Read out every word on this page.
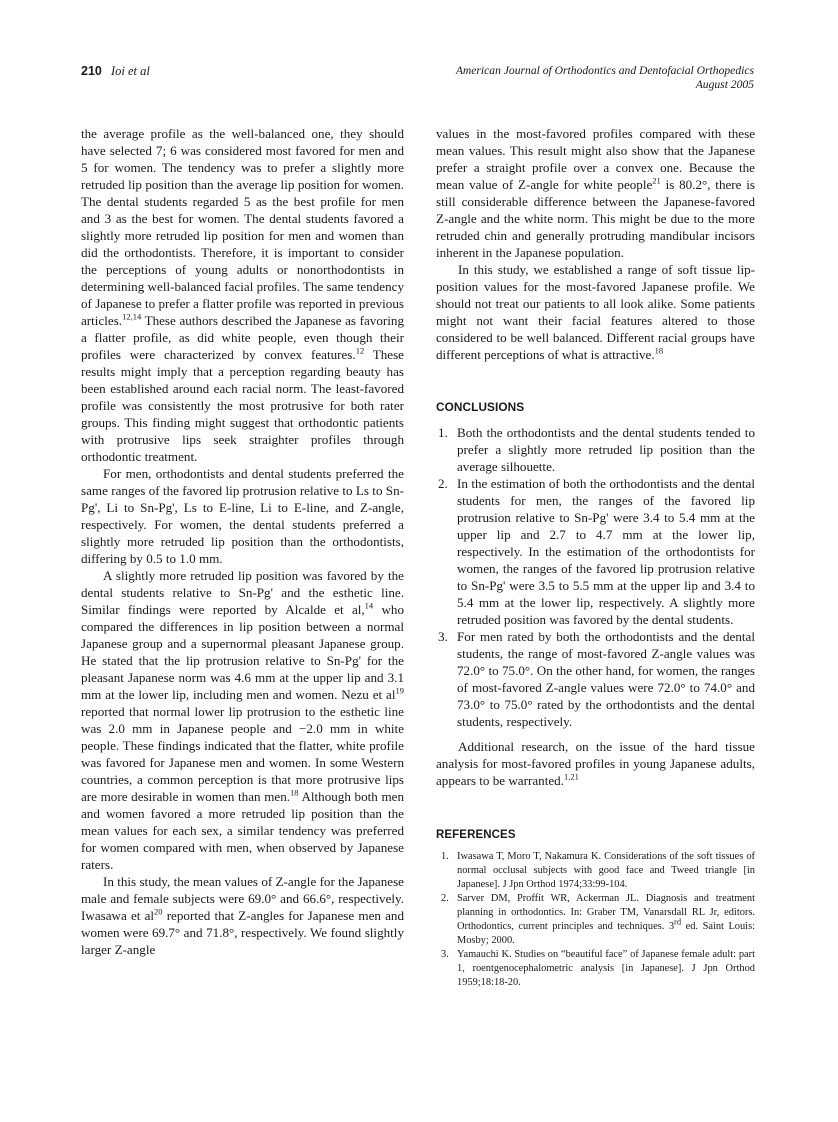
210 Ioi et al	American Journal of Orthodontics and Dentofacial Orthopedics
August 2005

the average profile as the well-balanced one, they should have selected 7; 6 was considered most favored for men and 5 for women. The tendency was to prefer a slightly more retruded lip position than the average lip position for women. The dental students regarded 5 as the best profile for men and 3 as the best for women. The dental students favored a slightly more retruded lip position for men and women than did the orthodontists. Therefore, it is important to consider the perceptions of young adults or nonorthodontists in determining well-balanced facial profiles. The same tendency of Japanese to prefer a flatter profile was reported in previous articles.$^{12,14}$ These authors described the Japanese as favoring a flatter profile, as did white people, even though their profiles were characterized by convex features.$^{12}$ These results might imply that a perception regarding beauty has been established around each racial norm. The least-favored profile was consistently the most protrusive for both rater groups. This finding might suggest that orthodontic patients with protrusive lips seek straighter profiles through orthodontic treatment.

For men, orthodontists and dental students preferred the same ranges of the favored lip protrusion relative to Ls to Sn-Pg', Li to Sn-Pg', Ls to E-line, Li to E-line, and Z-angle, respectively. For women, the dental students preferred a slightly more retruded lip position than the orthodontists, differing by 0.5 to 1.0 mm.

A slightly more retruded lip position was favored by the dental students relative to Sn-Pg' and the esthetic line. Similar findings were reported by Alcalde et al,$^{14}$ who compared the differences in lip position between a normal Japanese group and a supernormal pleasant Japanese group. He stated that the lip protrusion relative to Sn-Pg' for the pleasant Japanese norm was 4.6 mm at the upper lip and 3.1 mm at the lower lip, including men and women. Nezu et $al^{19}$ reported that normal lower lip protrusion to the esthetic line was 2.0 mm in Japanese people and −2.0 mm in white people. These findings indicated that the flatter, white profile was favored for Japanese men and women. In some Western countries, a common perception is that more protrusive lips are more desirable in women than men.$^{18}$ Although both men and women favored a more retruded lip position than the mean values for each sex, a similar tendency was preferred for women compared with men, when observed by Japanese raters.

In this study, the mean values of Z-angle for the Japanese male and female subjects were 69.0° and 66.6°, respectively. Iwasawa et $al^{20}$ reported that Z-angles for Japanese men and women were 69.7° and 71.8°, respectively. We found slightly larger Z-angle

values in the most-favored profiles compared with these mean values. This result might also show that the Japanese prefer a straight profile over a convex one. Because the mean value of Z-angle for white people$^{21}$ is 80.2°, there is still considerable difference between the Japanese-favored Z-angle and the white norm. This might be due to the more retruded chin and generally protruding mandibular incisors inherent in the Japanese population.

In this study, we established a range of soft tissue lip-position values for the most-favored Japanese profile. We should not treat our patients to all look alike. Some patients might not want their facial features altered to those considered to be well balanced. Different racial groups have different perceptions of what is attractive.$^{18}$

CONCLUSIONS
1. Both the orthodontists and the dental students tended to prefer a slightly more retruded lip position than the average silhouette.
2. In the estimation of both the orthodontists and the dental students for men, the ranges of the favored lip protrusion relative to Sn-Pg' were 3.4 to 5.4 mm at the upper lip and 2.7 to 4.7 mm at the lower lip, respectively. In the estimation of the orthodontists for women, the ranges of the favored lip protrusion relative to Sn-Pg' were 3.5 to 5.5 mm at the upper lip and 3.4 to 5.4 mm at the lower lip, respectively. A slightly more retruded position was favored by the dental students.
3. For men rated by both the orthodontists and the dental students, the range of most-favored Z-angle values was 72.0° to 75.0°. On the other hand, for women, the ranges of most-favored Z-angle values were 72.0° to 74.0° and 73.0° to 75.0° rated by the orthodontists and the dental students, respectively.

Additional research, on the issue of the hard tissue analysis for most-favored profiles in young Japanese adults, appears to be warranted.$^{1,21}$

REFERENCES
1. Iwasawa T, Moro T, Nakamura K. Considerations of the soft tissues of normal occlusal subjects with good face and Tweed triangle [in Japanese]. J Jpn Orthod 1974;33:99-104.
2. Sarver DM, Proffit WR, Ackerman JL. Diagnosis and treatment planning in orthodontics. In: Graber TM, Vanarsdall RL Jr, editors. Orthodontics, current principles and techniques. 3rd ed. Saint Louis: Mosby; 2000.
3. Yamauchi K. Studies on “beautiful face” of Japanese female adult: part 1, roentgenocephalometric analysis [in Japanese]. J Jpn Orthod 1959;18:18-20.
